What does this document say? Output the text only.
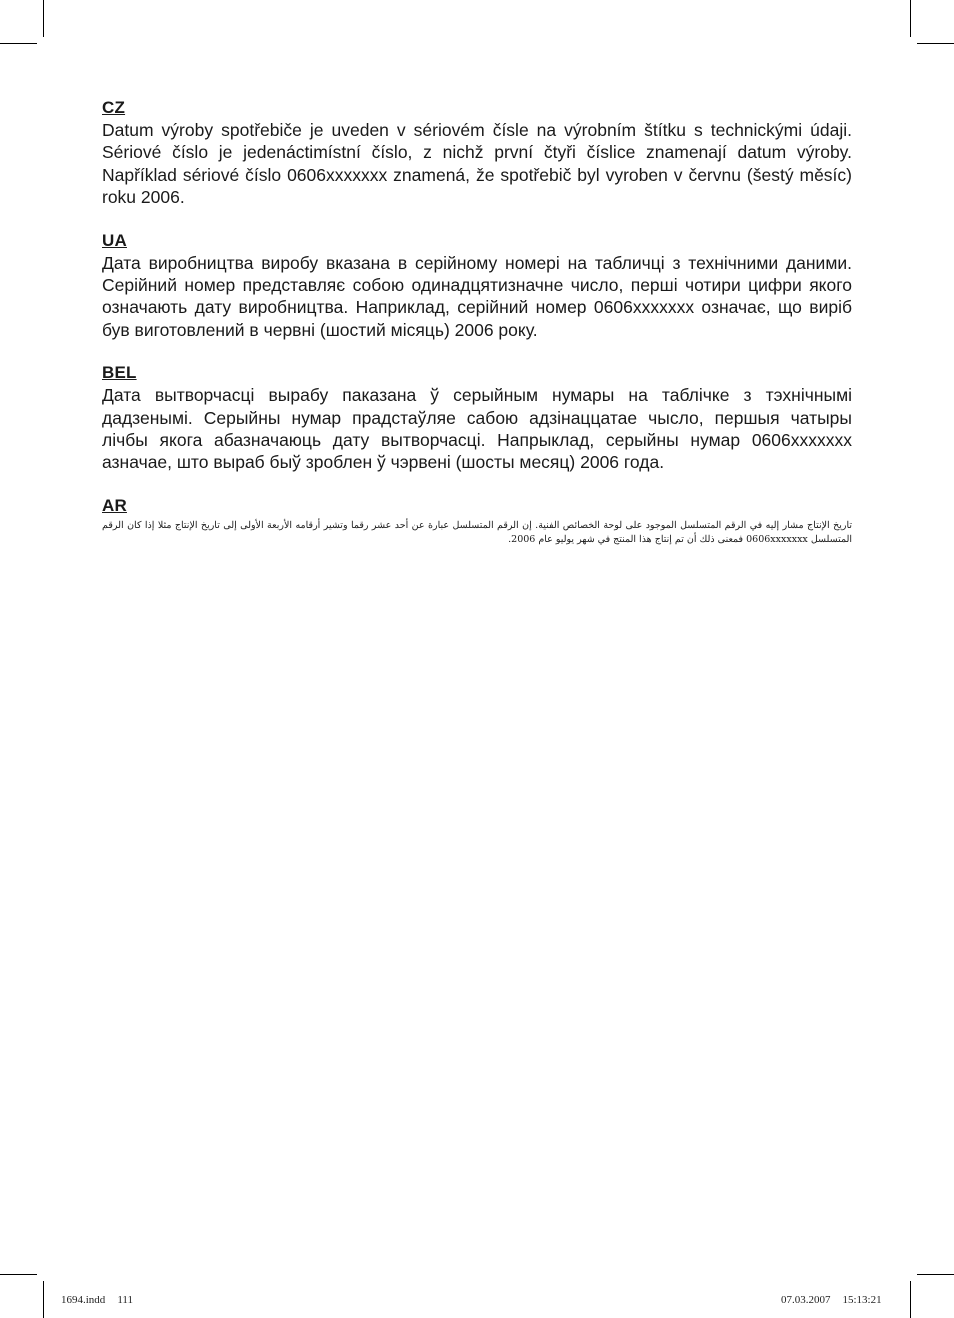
CZ

Datum výroby spotřebiče je uveden v sériovém čísle na výrobním štítku s technickými údaji. Sériové číslo je jedenáctimístní číslo, z nichž první čtyři číslice znamenají datum výroby. Například sériové číslo 0606xxxxxxx znamená, že spotřebič byl vyroben v červnu (šestý měsíc) roku 2006.

UA

Дата виробництва виробу вказана в серійному номері на табличці з технічними даними. Серійний номер представляє собою одинадцятизначне число, перші чотири цифри якого означають дату виробництва. Наприклад, серійний номер 0606xxxxxxx означає, що виріб був виготовлений в червні (шостий місяць) 2006 року.

BEL

Дата вытворчасці вырабу паказана ў серыйным нумары на таблічке з тэхнічнымі дадзенымі. Серыйны нумар прадстаўляе сабою адзінаццатае чысло, першыя чатыры лічбы якога абазначаюць дату вытворчасці. Напрыклад, серыйны нумар 0606xxxxxxx азначае, што выраб быў зроблен ў чэрвені (шосты месяц) 2006 года.

AR

تاريخ الإنتاج مشار إليه في الرقم المتسلسل الموجود على لوحة الخصائص الفنية. إن الرقم المتسلسل عبارة عن أحد عشر رقما وتشير أرقامه الأربعة الأولى إلى تاريخ الإنتاج مثلا إذا كان الرقم المتسلسل 0606xxxxxxx فمعنى ذلك أن تم إنتاج هذا المنتج في شهر يوليو عام 2006.

1694.indd 111	07.03.2007 15:13:21
